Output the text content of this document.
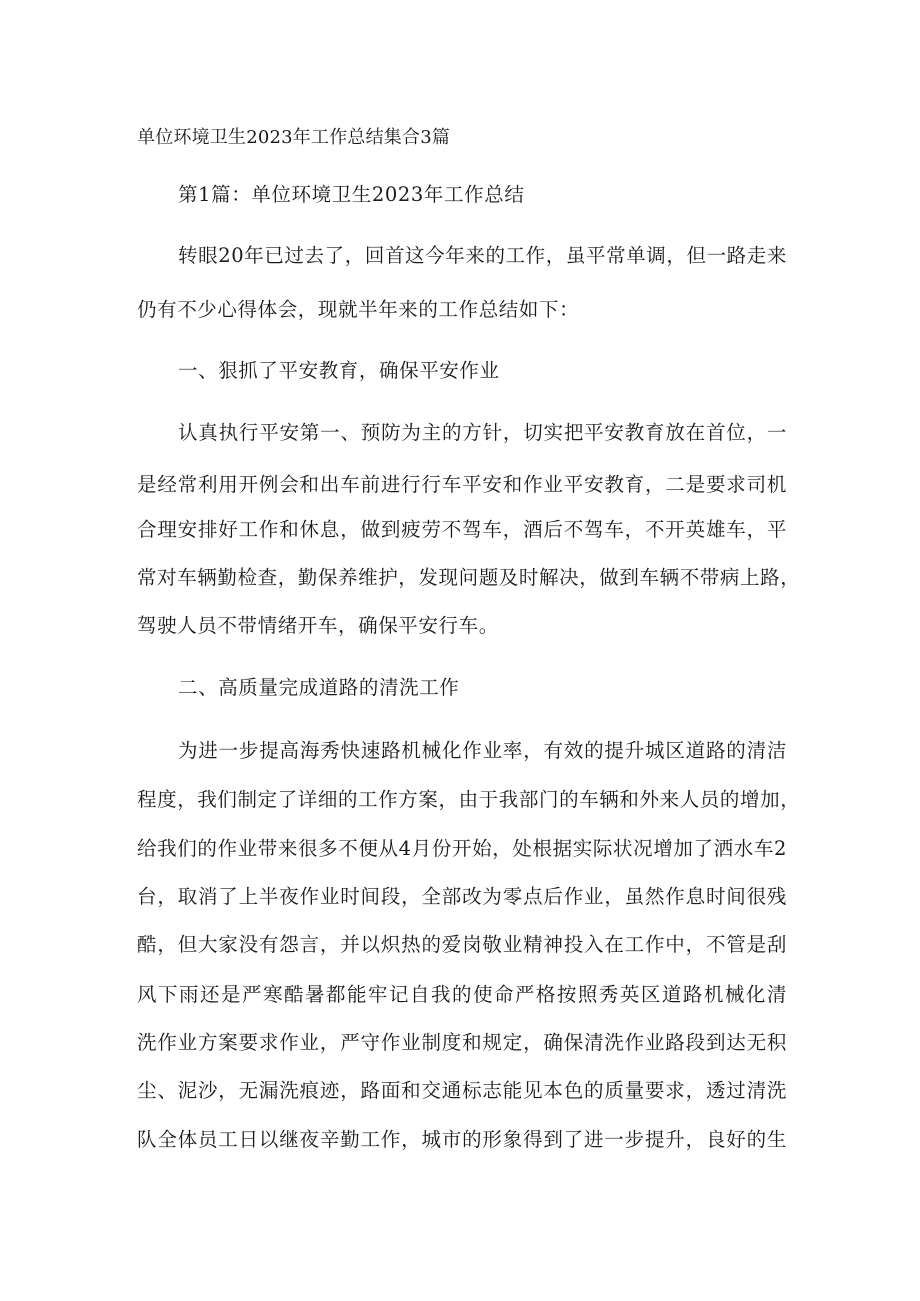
单位环境卫生2023年工作总结集合3篇
第1篇：单位环境卫生2023年工作总结
转眼20年已过去了，回首这今年来的工作，虽平常单调，但一路走来
仍有不少心得体会，现就半年来的工作总结如下：
一、狠抓了平安教育，确保平安作业
认真执行平安第一、预防为主的方针，切实把平安教育放在首位，一
是经常利用开例会和出车前进行行车平安和作业平安教育，二是要求司机
合理安排好工作和休息，做到疲劳不驾车，酒后不驾车，不开英雄车，平
常对车辆勤检查，勤保养维护，发现问题及时解决，做到车辆不带病上路，
驾驶人员不带情绪开车，确保平安行车。
二、高质量完成道路的清洗工作
为进一步提高海秀快速路机械化作业率，有效的提升城区道路的清洁
程度，我们制定了详细的工作方案，由于我部门的车辆和外来人员的增加，
给我们的作业带来很多不便从4月份开始，处根据实际状况增加了洒水车2
台，取消了上半夜作业时间段，全部改为零点后作业，虽然作息时间很残
酷，但大家没有怨言，并以炽热的爱岗敬业精神投入在工作中，不管是刮
风下雨还是严寒酷暑都能牢记自我的使命严格按照秀英区道路机械化清
洗作业方案要求作业，严守作业制度和规定，确保清洗作业路段到达无积
尘、泥沙，无漏洗痕迹，路面和交通标志能见本色的质量要求，透过清洗
队全体员工日以继夜辛勤工作，城市的形象得到了进一步提升，良好的生
